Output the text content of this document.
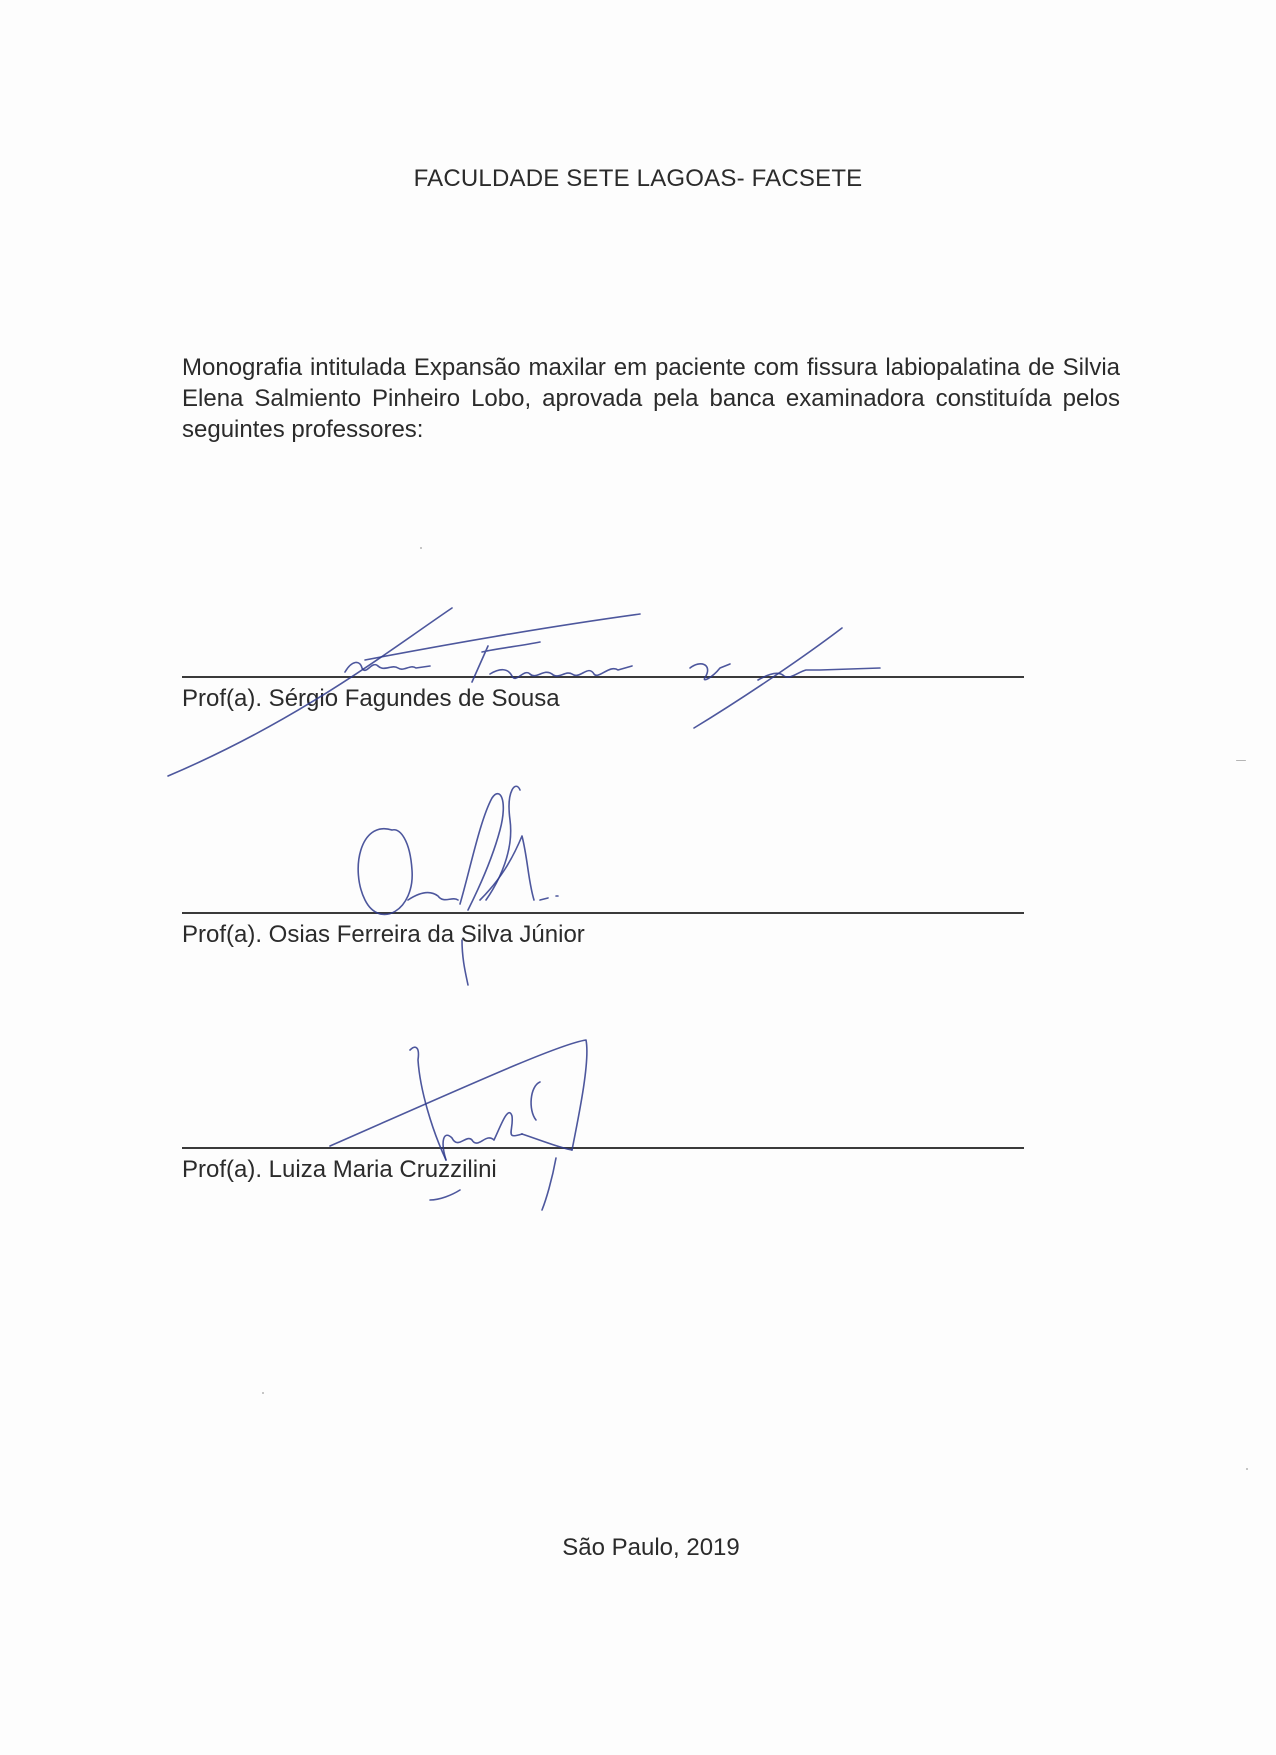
FACULDADE SETE LAGOAS- FACSETE
Monografia intitulada Expansão maxilar em paciente com fissura labiopalatina de Silvia Elena Salmiento Pinheiro Lobo, aprovada pela banca examinadora constituída pelos seguintes professores:
Prof(a). Sérgio Fagundes de Sousa
Prof(a). Osias Ferreira da Silva Júnior
Prof(a). Luiza Maria Cruzzilini
São Paulo, 2019
